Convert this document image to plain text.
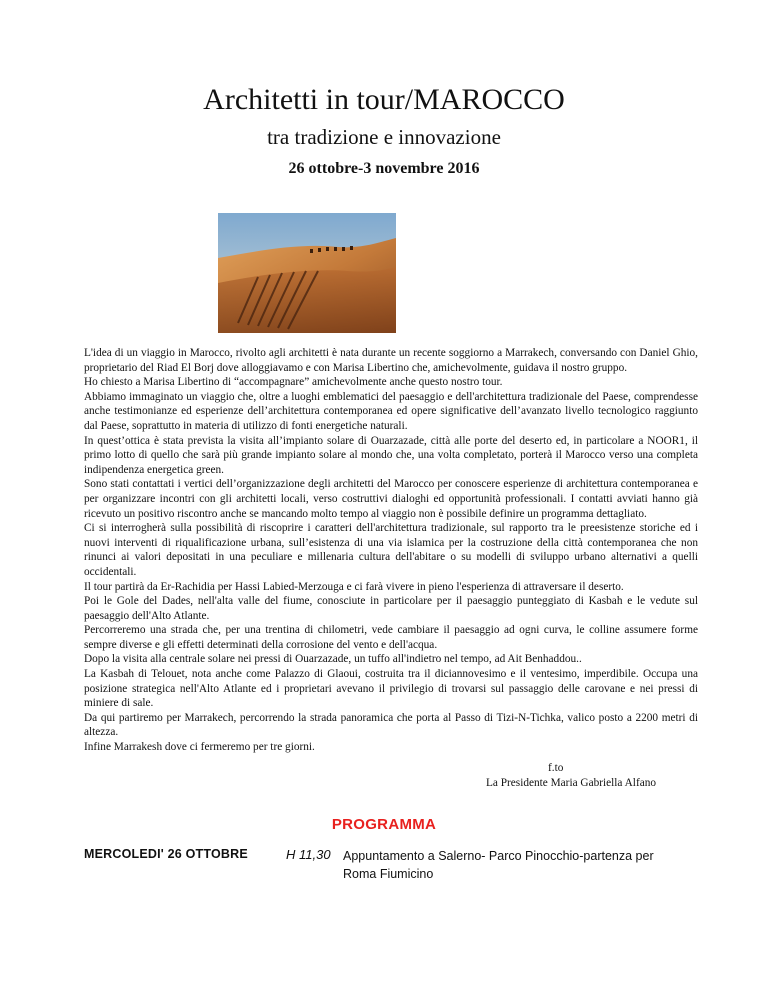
Architetti in tour/MAROCCO
tra tradizione e innovazione
26 ottobre-3 novembre 2016

L'idea di un viaggio in Marocco, rivolto agli architetti è nata durante un recente soggiorno a Marrakech, conversando con Daniel Ghio, proprietario del Riad El Borj dove alloggiavamo e con Marisa Libertino che, amichevolmente, guidava il nostro gruppo.

Ho chiesto a Marisa Libertino di “accompagnare” amichevolmente anche questo nostro tour.

Abbiamo immaginato un viaggio che, oltre a luoghi emblematici del paesaggio e dell'architettura tradizionale del Paese, comprendesse anche testimonianze ed esperienze dell’architettura contemporanea ed opere significative dell’avanzato livello tecnologico raggiunto dal Paese, soprattutto in materia di utilizzo di fonti energetiche naturali.

In quest’ottica è stata prevista la visita all’impianto solare di Ouarzazade, città alle porte del deserto ed, in particolare a NOOR1, il primo lotto di quello che sarà più grande impianto solare al mondo che, una volta completato, porterà il Marocco verso una completa indipendenza energetica green.

Sono stati contattati i vertici dell’organizzazione degli architetti del Marocco per conoscere esperienze di architettura contemporanea e per organizzare incontri con gli architetti locali, verso costruttivi dialoghi ed opportunità professionali. I contatti avviati hanno già ricevuto un positivo riscontro anche se mancando molto tempo al viaggio non è possibile definire un programma dettagliato.

Ci si interrogherà sulla possibilità di riscoprire i caratteri dell'architettura tradizionale, sul rapporto tra le preesistenze storiche ed i nuovi interventi di riqualificazione urbana, sull’esistenza di una via islamica per la costruzione della città contemporanea che non rinunci ai valori depositati in una peculiare e millenaria cultura dell'abitare o su modelli di sviluppo urbano alternativi a quelli occidentali.

Il tour partirà da Er-Rachidia per Hassi Labied-Merzouga e ci farà vivere in pieno l'esperienza di attraversare il deserto.

Poi le Gole del Dades, nell'alta valle del fiume, conosciute in particolare per il paesaggio punteggiato di Kasbah e le vedute sul paesaggio dell'Alto Atlante.

Percorreremo una strada che, per una trentina di chilometri, vede cambiare il paesaggio ad ogni curva, le colline assumere forme sempre diverse e gli effetti determinati della corrosione del vento e dell'acqua.

Dopo la visita alla centrale solare nei pressi di Ouarzazade, un tuffo all'indietro nel tempo, ad Ait Benhaddou..

La Kasbah di Telouet, nota anche come Palazzo di Glaoui, costruita tra il diciannovesimo e il ventesimo, imperdibile. Occupa una posizione strategica nell'Alto Atlante ed i proprietari avevano il privilegio di trovarsi sul passaggio delle carovane e nei pressi di miniere di sale.

Da qui partiremo per Marrakech, percorrendo la strada panoramica che porta al Passo di Tizi-N-Tichka, valico posto a 2200 metri di altezza.

Infine Marrakesh dove ci fermeremo per tre giorni.

f.to
La Presidente Maria Gabriella Alfano
PROGRAMMA
MERCOLEDI' 26 OTTOBRE	H 11,30 Appuntamento a Salerno- Parco Pinocchio-partenza per Roma Fiumicino
